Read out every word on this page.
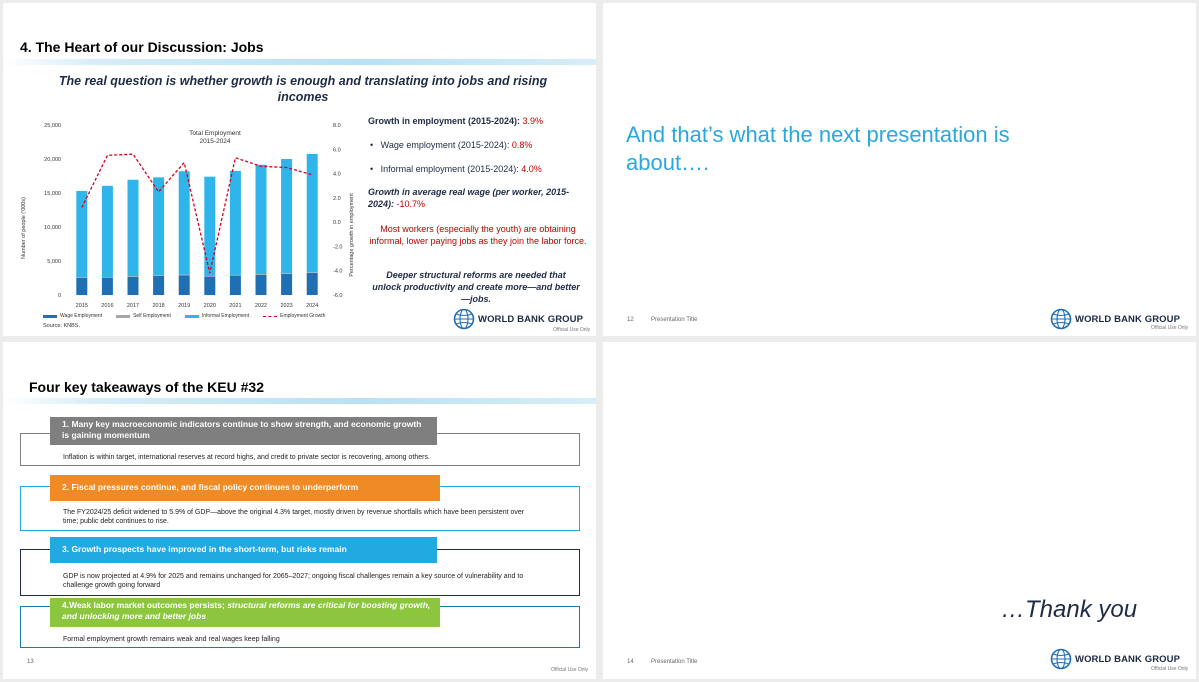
4. The Heart of our Discussion: Jobs
The real question is whether growth is enough and translating into jobs and rising incomes
Total Employment
2015-2024
Number of people ('000s)	Percentage growth in employment
0
5,000
10,000
15,000
20,000
25,000
-6.0
-4.0
-2.0
0.0
2.0
4.0
6.0
8.0
2015 2016 2017 2018 2019 2020 2021 2022 2023 2024
Wage Employment	Self Employment	Informal Employment	Employment Growth
Source: KNBS.
Growth in employment (2015-2024): 3.9%
•   Wage employment (2015-2024): 0.8%
•   Informal employment (2015-2024): 4.0%
Growth in average real wage (per worker, 2015-2024): -10.7%
Most workers (especially the youth) are obtaining informal, lower paying jobs as they join the labor force.
Deeper structural reforms are needed that unlock productivity and create more—and better—jobs.
WORLD BANK GROUP
Official Use Only
And that’s what the next presentation is about….
12	Presentation Title	WORLD BANK GROUP
Official Use Only
Four key takeaways of the KEU #32
1. Many key macroeconomic indicators continue to show strength, and economic growth is gaining momentum
Inflation is within target, international reserves at record highs, and credit to private sector is recovering, among others.
2. Fiscal pressures continue, and fiscal policy continues to underperform
The FY2024/25 deficit widened to 5.9% of GDP—above the original 4.3% target, mostly driven by revenue shortfalls which have been persistent over time; public debt continues to rise.
3. Growth prospects have improved in the short-term, but risks remain
GDP is now projected at 4.9% for 2025 and remains unchanged for 2065–2027; ongoing fiscal challenges remain a key source of vulnerability and to challenge growth going forward
4.Weak labor market outcomes persists; structural reforms are critical for boosting growth, and unlocking more and better jobs
Formal employment growth remains weak and real wages keep falling
13
Official Use Only
…Thank you
14	Presentation Title	WORLD BANK GROUP
Official Use Only
